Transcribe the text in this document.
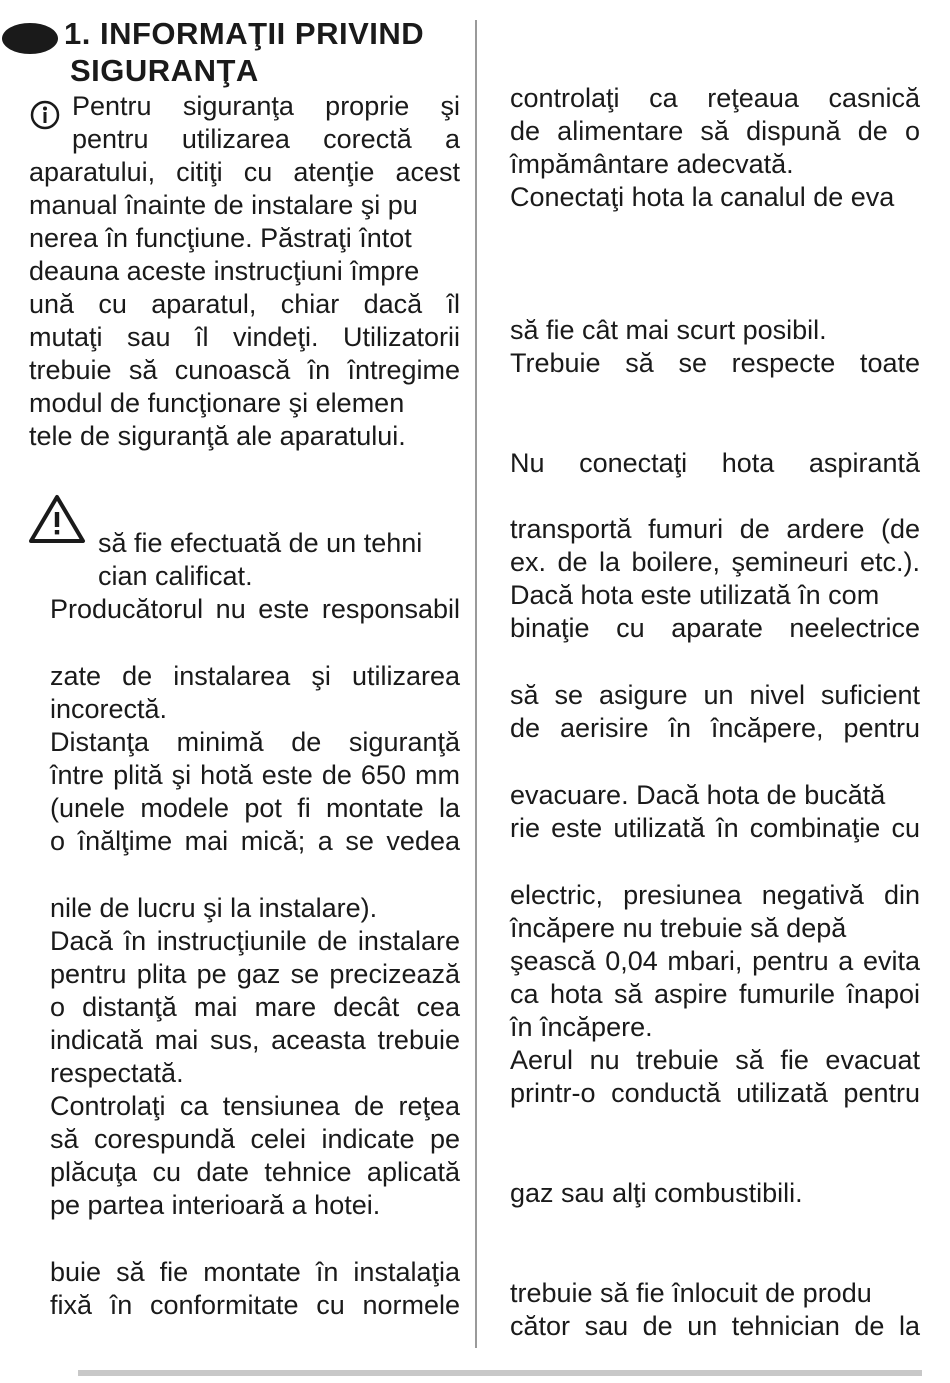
1. INFORMAŢII PRIVIND
SIGURANŢA
Pentru siguranţa proprie şi
pentru utilizarea corectă a
aparatului, citiţi cu atenţie acest
manual înainte de instalare şi pu
nerea în funcţiune. Păstraţi întot
deauna aceste instrucţiuni împre
ună cu aparatul, chiar dacă îl
mutaţi sau îl vindeţi. Utilizatorii
trebuie să cunoască în întregime
modul de funcţionare şi elemen
tele de siguranţă ale aparatului.
să fie efectuată de un tehni
cian calificat.
Producătorul nu este responsabil
zate de instalarea şi utilizarea
incorectă.
Distanţa minimă de siguranţă
între plită şi hotă este de 650 mm
(unele modele pot fi montate la
o înălţime mai mică; a se vedea
nile de lucru şi la instalare).
Dacă în instrucţiunile de instalare
pentru plita pe gaz se precizează
o distanţă mai mare decât cea
indicată mai sus, aceasta trebuie
respectată.
Controlaţi ca tensiunea de reţea
să corespundă celei indicate pe
plăcuţa cu date tehnice aplicată
pe partea interioară a hotei.
buie să fie montate în instalaţia
fixă în conformitate cu normele
controlaţi ca reţeaua casnică
de alimentare să dispună de o
împământare adecvată.
Conectaţi hota la canalul de eva
să fie cât mai scurt posibil.
Trebuie să se respecte toate
Nu conectaţi hota aspirantă
transportă fumuri de ardere (de
ex. de la boilere, şemineuri etc.).
Dacă hota este utilizată în com
binaţie cu aparate neelectrice
să se asigure un nivel suficient
de aerisire în încăpere, pentru
evacuare. Dacă hota de bucătă
rie este utilizată în combinaţie cu
electric, presiunea negativă din
încăpere nu trebuie să depă
şească 0,04 mbari, pentru a evita
ca hota să aspire fumurile înapoi
în încăpere.
Aerul nu trebuie să fie evacuat
printr-o conductă utilizată pentru
gaz sau alţi combustibili.
trebuie să fie înlocuit de produ
cător sau de un tehnician de la
